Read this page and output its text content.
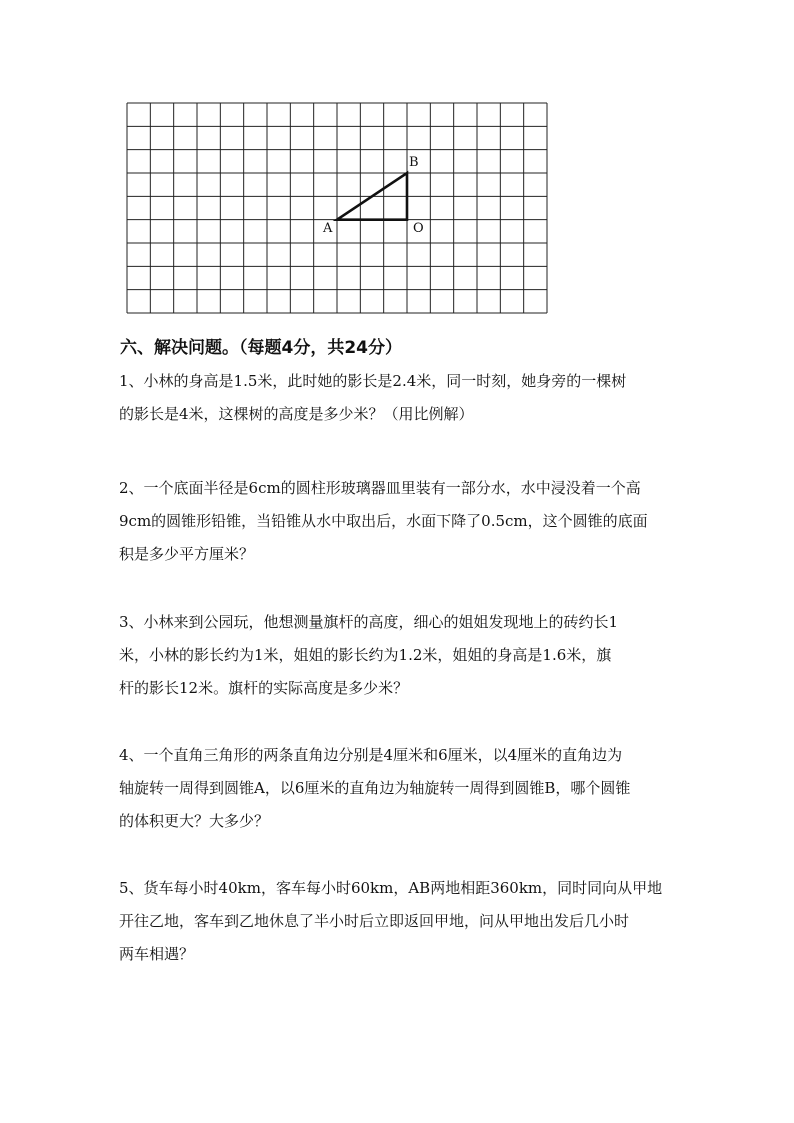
A	O
B
六、解决问题。（每题4分，共24分）
1、小林的身高是1.5米，此时她的影长是2.4米，同一时刻，她身旁的一棵树
的影长是4米，这棵树的高度是多少米？（用比例解）
2、一个底面半径是6cm的圆柱形玻璃器皿里装有一部分水，水中浸没着一个高
9cm的圆锥形铅锥，当铅锥从水中取出后，水面下降了0.5cm，这个圆锥的底面
积是多少平方厘米？
3、小林来到公园玩，他想测量旗杆的高度，细心的姐姐发现地上的砖约长1
米，小林的影长约为1米，姐姐的影长约为1.2米，姐姐的身高是1.6米，旗
杆的影长12米。旗杆的实际高度是多少米？
4、一个直角三角形的两条直角边分别是4厘米和6厘米，以4厘米的直角边为
轴旋转一周得到圆锥A，以6厘米的直角边为轴旋转一周得到圆锥B，哪个圆锥
的体积更大？大多少？
5、货车每小时40km，客车每小时60km，AB两地相距360km，同时同向从甲地
开往乙地，客车到乙地休息了半小时后立即返回甲地，问从甲地出发后几小时
两车相遇？
